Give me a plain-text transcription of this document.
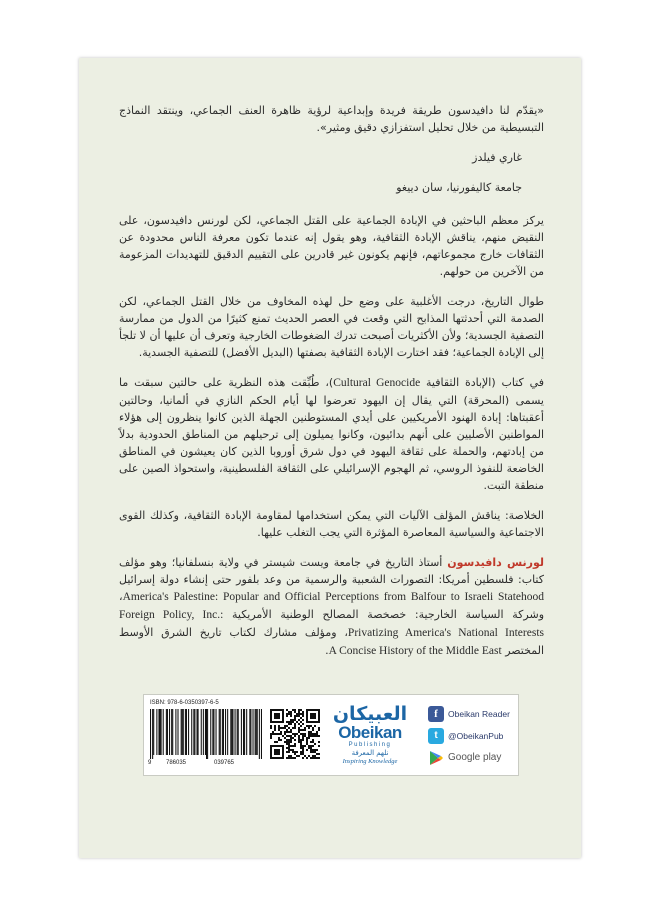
«يقدّم لنا دافيدسون طريقة فريدة وإبداعية لرؤية ظاهرة العنف الجماعي، وينتقد النماذج التبسيطية من خلال تحليل استفزازي دقيق ومثير».

غاري فيلدز

جامعة كاليفورنيا، سان دييغو

يركز معظم الباحثين في الإبادة الجماعية على القتل الجماعي، لكن لورنس دافيدسون، على النقيض منهم، يناقش الإبادة الثقافية، وهو يقول إنه عندما تكون معرفة الناس محدودة عن الثقافات خارج مجموعاتهم، فإنهم يكونون غير قادرين على التقييم الدقيق للتهديدات المزعومة من الآخرين من حولهم.

طوال التاريخ، درجت الأغلبية على وضع حل لهذه المخاوف من خلال القتل الجماعي، لكن الصدمة التي أحدثتها المذابح التي وقعت في العصر الحديث تمنع كثيرًا من الدول من ممارسة التصفية الجسدية؛ ولأن الأكثريات أصبحت تدرك الضغوطات الخارجية وتعرف أن عليها أن لا تلجأ إلى الإبادة الجماعية؛ فقد اختارت الإبادة الثقافية بصفتها (البديل الأفضل) للتصفية الجسدية.

في كتاب (الإبادة الثقافية Cultural Genocide)، طُبِّقت هذه النظرية على حالتين سبقت ما يسمى (المحرقة) التي يقال إن اليهود تعرضوا لها أيام الحكم النازي في ألمانيا، وحالتين أعقبتاها: إبادة الهنود الأمريكيين على أيدي المستوطنين الجهلة الذين كانوا ينظرون إلى هؤلاء المواطنين الأصليين على أنهم بدائيون، وكانوا يميلون إلى ترحيلهم من المناطق الحدودية بدلاً من إبادتهم، والحملة على ثقافة اليهود في دول شرق أوروبا الذين كان يعيشون في المناطق الخاضعة للنفوذ الروسي، ثم الهجوم الإسرائيلي على الثقافة الفلسطينية، واستحواذ الصين على منطقة التبت.

الخلاصة: يناقش المؤلف الآليات التي يمكن استخدامها لمقاومة الإبادة الثقافية، وكذلك القوى الاجتماعية والسياسية المعاصرة المؤثرة التي يجب التغلب عليها.

لورنس دافيدسون أستاذ التاريخ في جامعة ويست شيستر في ولاية بنسلفانيا؛ وهو مؤلف كتاب: فلسطين أمريكا: التصورات الشعبية والرسمية من وعد بلفور حتى إنشاء دولة إسرائيل America's Palestine: Popular and Official Perceptions from Balfour to Israeli Statehood، وشركة السياسة الخارجية: خصخصة المصالح الوطنية الأمريكية Foreign Policy, Inc.: Privatizing America's National Interests، ومؤلف مشارك لكتاب تاريخ الشرق الأوسط المختصر A Concise History of the Middle East.

ISBN: 978-6-0350397-6-5
9 786035	039765
العبيكان
Obeikan
Publishing
نلهم المعرفة
Inspiring Knowledge
f	Obeikan Reader
t	@ObeikanPub
Google play
